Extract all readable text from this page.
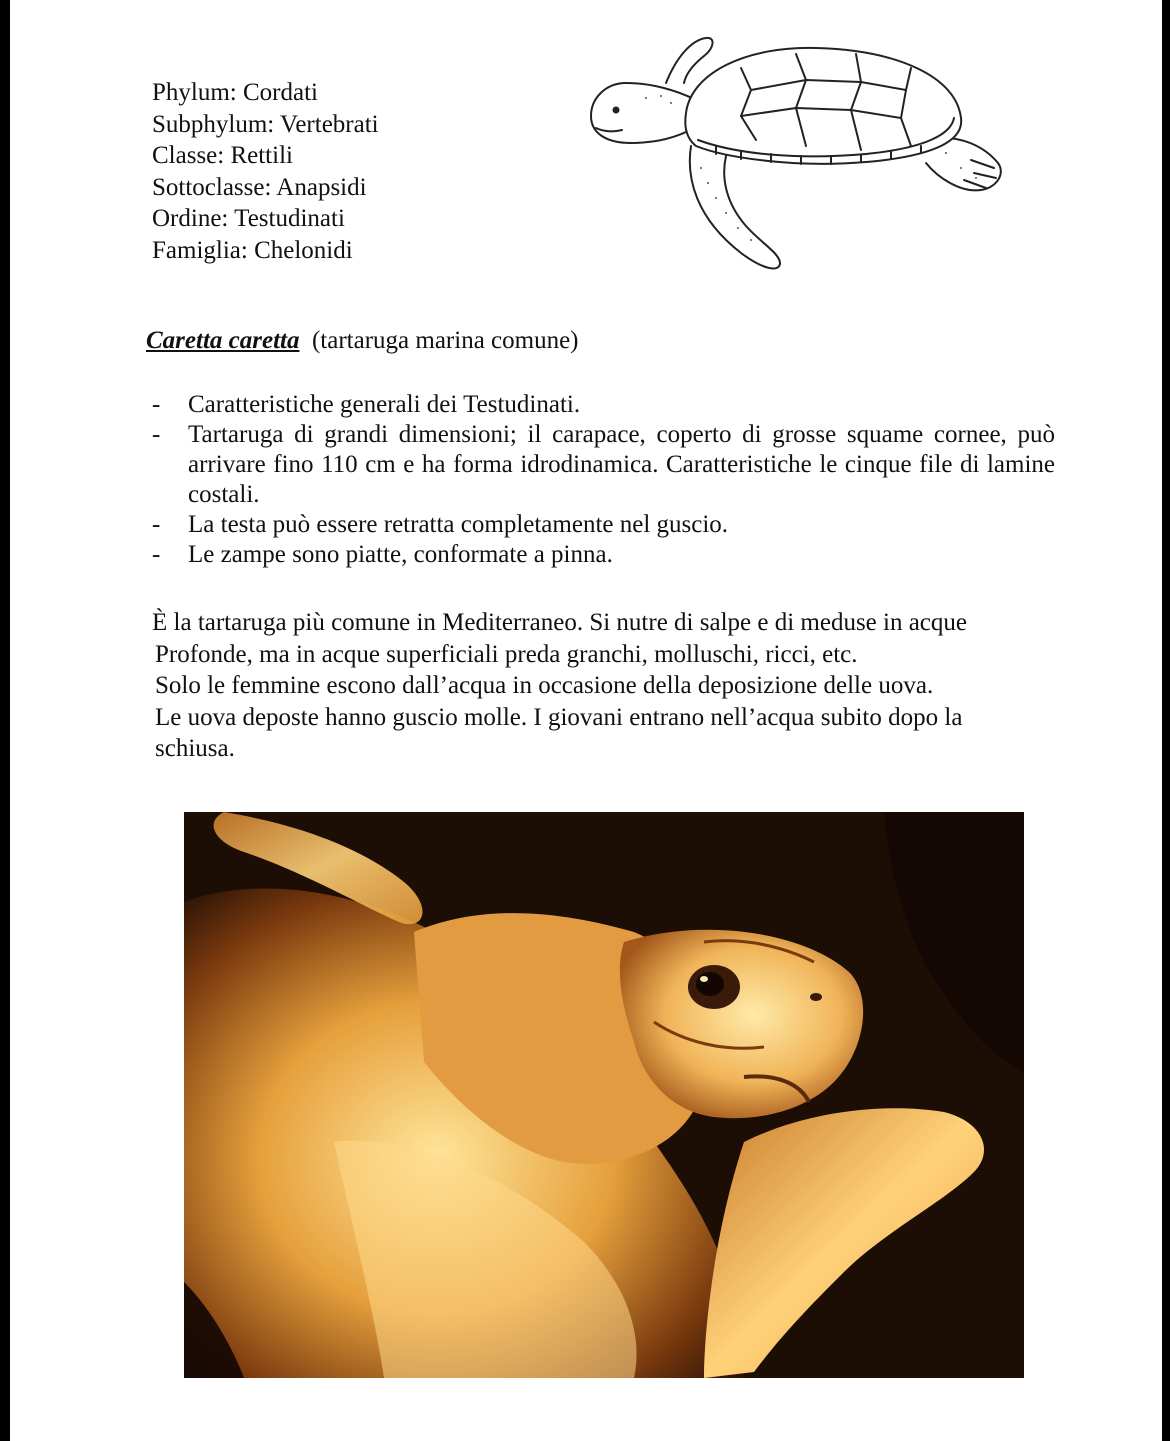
Phylum: Cordati
Subphylum: Vertebrati
Classe: Rettili
Sottoclasse: Anapsidi
Ordine: Testudinati
Famiglia: Chelonidi
Caretta caretta (tartaruga marina comune)
- Caratteristiche generali dei Testudinati.
- Tartaruga di grandi dimensioni; il carapace, coperto di grosse squame cornee, può arrivare fino 110 cm e ha forma idrodinamica. Caratteristiche le cinque file di lamine costali.
- La testa può essere retratta completamente nel guscio.
- Le zampe sono piatte, conformate a pinna.
È la tartaruga più comune in Mediterraneo. Si nutre di salpe e di meduse in acque
Profonde, ma in acque superficiali preda granchi, molluschi, ricci, etc.
Solo le femmine escono dall’acqua in occasione della deposizione delle uova.
Le uova deposte hanno guscio molle. I giovani entrano nell’acqua subito dopo la
schiusa.
